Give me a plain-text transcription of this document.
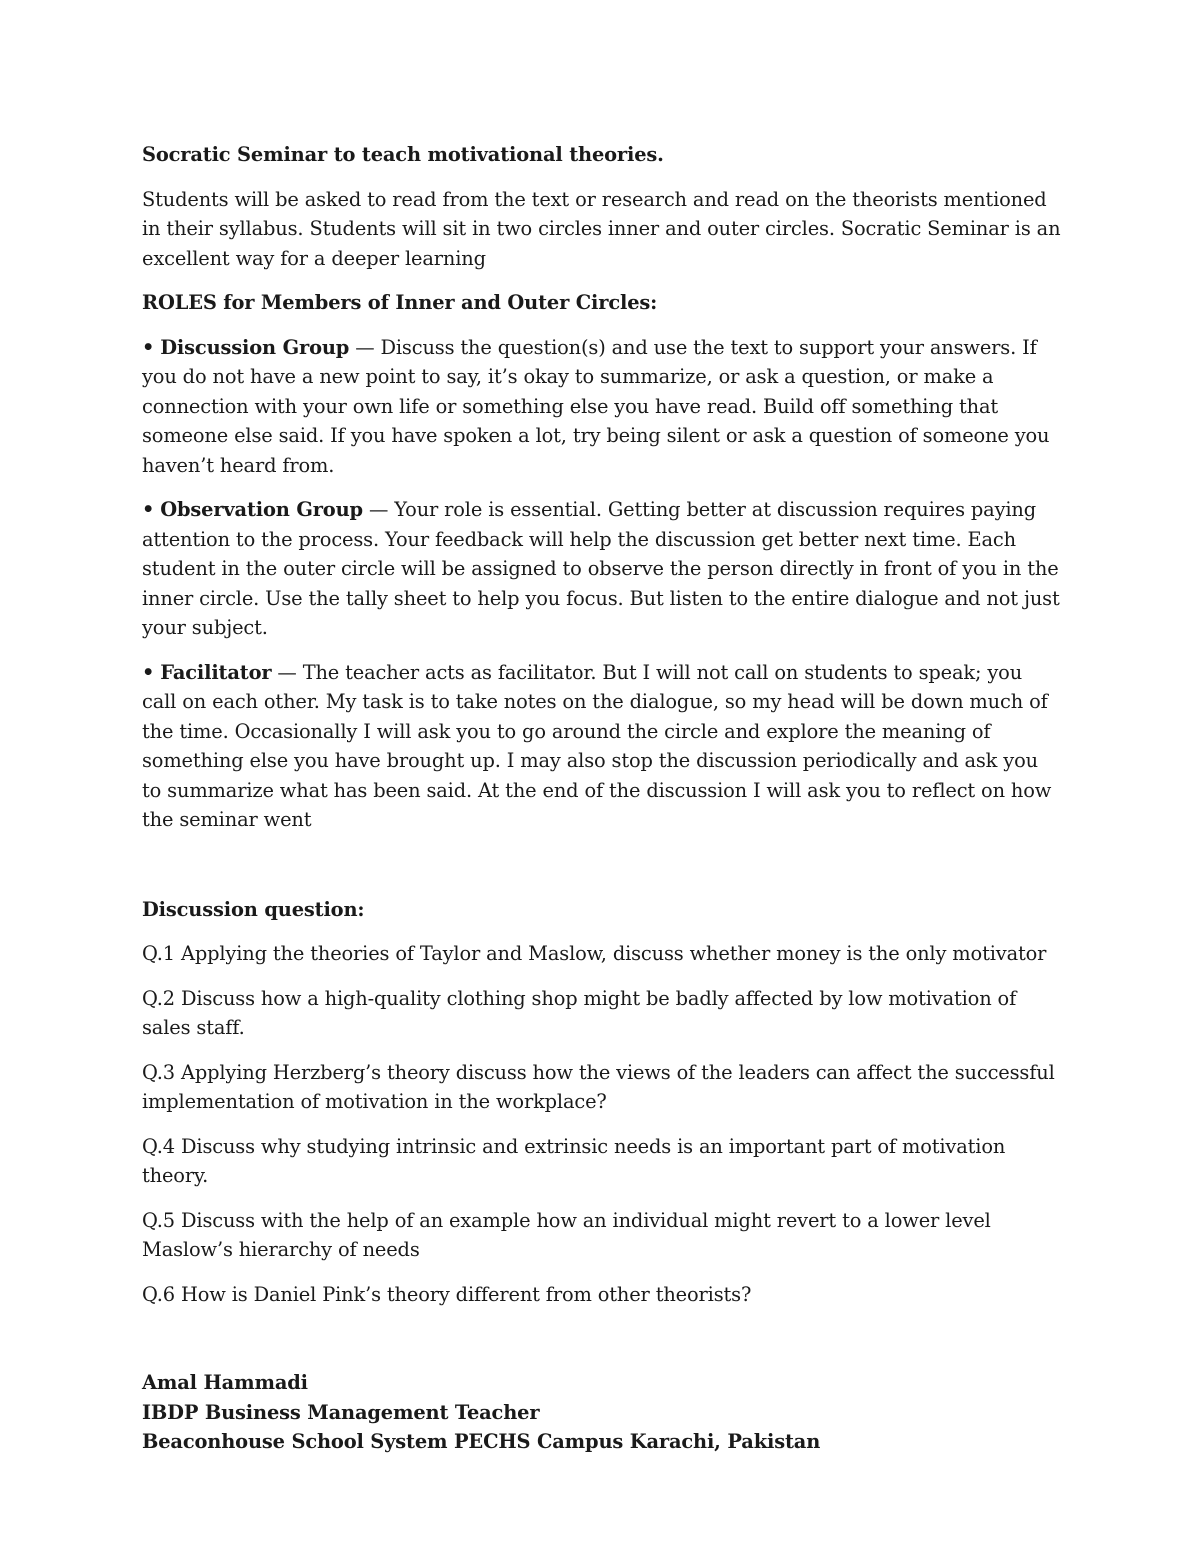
Socratic Seminar to teach motivational theories.

Students will be asked to read from the text or research and read on the theorists mentioned in their syllabus. Students will sit in two circles inner and outer circles. Socratic Seminar is an excellent way for a deeper learning

ROLES for Members of Inner and Outer Circles:

• Discussion Group — Discuss the question(s) and use the text to support your answers. If you do not have a new point to say, it’s okay to summarize, or ask a question, or make a connection with your own life or something else you have read. Build off something that someone else said. If you have spoken a lot, try being silent or ask a question of someone you haven’t heard from.

• Observation Group — Your role is essential. Getting better at discussion requires paying attention to the process. Your feedback will help the discussion get better next time. Each student in the outer circle will be assigned to observe the person directly in front of you in the inner circle. Use the tally sheet to help you focus. But listen to the entire dialogue and not just your subject.

• Facilitator — The teacher acts as facilitator. But I will not call on students to speak; you call on each other. My task is to take notes on the dialogue, so my head will be down much of the time. Occasionally I will ask you to go around the circle and explore the meaning of something else you have brought up. I may also stop the discussion periodically and ask you to summarize what has been said. At the end of the discussion I will ask you to reflect on how the seminar went

Discussion question:

Q.1 Applying the theories of Taylor and Maslow, discuss whether money is the only motivator

Q.2 Discuss how a high-quality clothing shop might be badly affected by low motivation of sales staff.

Q.3 Applying Herzberg’s theory discuss how the views of the leaders can affect the successful implementation of motivation in the workplace?

Q.4 Discuss why studying intrinsic and extrinsic needs is an important part of motivation theory.

Q.5 Discuss with the help of an example how an individual might revert to a lower level Maslow’s hierarchy of needs

Q.6 How is Daniel Pink’s theory different from other theorists?

Amal Hammadi

IBDP Business Management Teacher

Beaconhouse School System PECHS Campus Karachi, Pakistan
